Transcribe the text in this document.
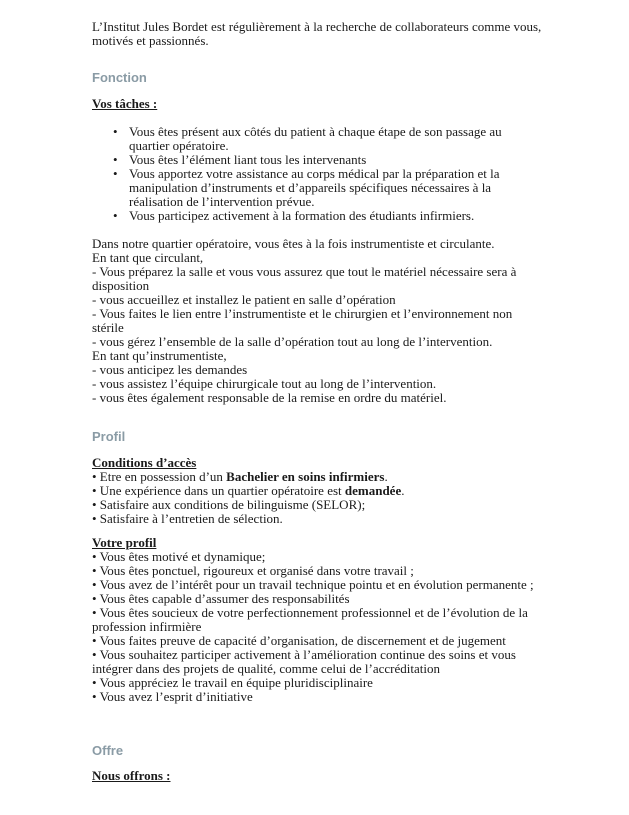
L’Institut Jules Bordet est régulièrement à la recherche de collaborateurs comme vous, motivés et passionnés.

Fonction
Vos tâches :
• Vous êtes présent aux côtés du patient à chaque étape de son passage au quartier opératoire.
• Vous êtes l’élément liant tous les intervenants
• Vous apportez votre assistance au corps médical par la préparation et la manipulation d’instruments et d’appareils spécifiques nécessaires à la réalisation de l’intervention prévue.
• Vous participez activement à la formation des étudiants infirmiers.

Dans notre quartier opératoire, vous êtes à la fois instrumentiste et circulante.

En tant que circulant,

- Vous préparez la salle et vous vous assurez que tout le matériel nécessaire sera à disposition

- vous accueillez et installez le patient en salle d’opération

- Vous faites le lien entre l’instrumentiste et le chirurgien et l’environnement non stérile

- vous gérez l’ensemble de la salle d’opération tout au long de l’intervention.

En tant qu’instrumentiste,

- vous anticipez les demandes

- vous assistez l’équipe chirurgicale tout au long de l’intervention.

- vous êtes également responsable de la remise en ordre du matériel.

Profil
Conditions d’accès

• Etre en possession d’un Bachelier en soins infirmiers.

• Une expérience dans un quartier opératoire est demandée.

• Satisfaire aux conditions de bilinguisme (SELOR);

• Satisfaire à l’entretien de sélection.

Votre profil

• Vous êtes motivé et dynamique;

• Vous êtes ponctuel, rigoureux et organisé dans votre travail ;

• Vous avez de l’intérêt pour un travail technique pointu et en évolution permanente ;

• Vous êtes capable d’assumer des responsabilités

• Vous êtes soucieux de votre perfectionnement professionnel et de l’évolution de la profession infirmière

• Vous faites preuve de capacité d’organisation, de discernement et de jugement

• Vous souhaitez participer activement à l’amélioration continue des soins et vous intégrer dans des projets de qualité, comme celui de l’accréditation

• Vous appréciez le travail en équipe pluridisciplinaire

• Vous avez l’esprit d’initiative

Offre
Nous offrons :
